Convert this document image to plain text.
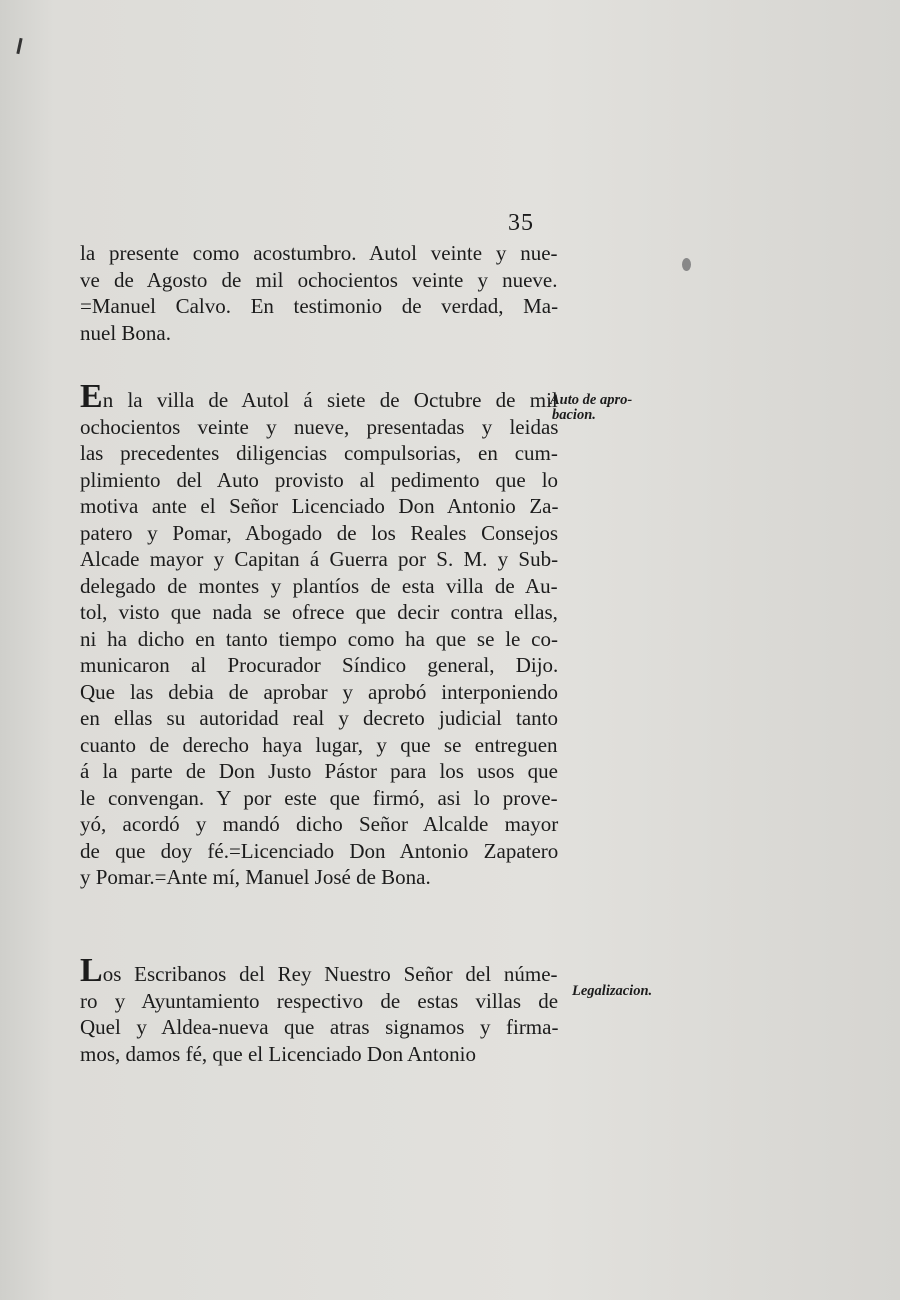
35
la presente como acostumbro. Autol veinte y nue-
ve de Agosto de mil ochocientos veinte y nueve.
=Manuel Calvo. En testimonio de verdad, Ma-
nuel Bona.
En la villa de Autol á siete de Octubre de mil
ochocientos veinte y nueve, presentadas y leidas
las precedentes diligencias compulsorias, en cum-
plimiento del Auto provisto al pedimento que lo
motiva ante el Señor Licenciado Don Antonio Za-
patero y Pomar, Abogado de los Reales Consejos
Alcade mayor y Capitan á Guerra por S. M. y Sub-
delegado de montes y plantíos de esta villa de Au-
tol, visto que nada se ofrece que decir contra ellas,
ni ha dicho en tanto tiempo como ha que se le co-
municaron al Procurador Síndico general, Dijo.
Que las debia de aprobar y aprobó interponiendo
en ellas su autoridad real y decreto judicial tanto
cuanto de derecho haya lugar, y que se entreguen
á la parte de Don Justo Pástor para los usos que
le convengan. Y por este que firmó, asi lo prove-
yó, acordó y mandó dicho Señor Alcalde mayor
de que doy fé.=Licenciado Don Antonio Zapatero
y Pomar.=Ante mí, Manuel José de Bona.
Los Escribanos del Rey Nuestro Señor del núme-
ro y Ayuntamiento respectivo de estas villas de
Quel y Aldea-nueva que atras signamos y firma-
mos, damos fé, que el Licenciado Don Antonio
Auto de apro-
bacion.
Legalizacion.
